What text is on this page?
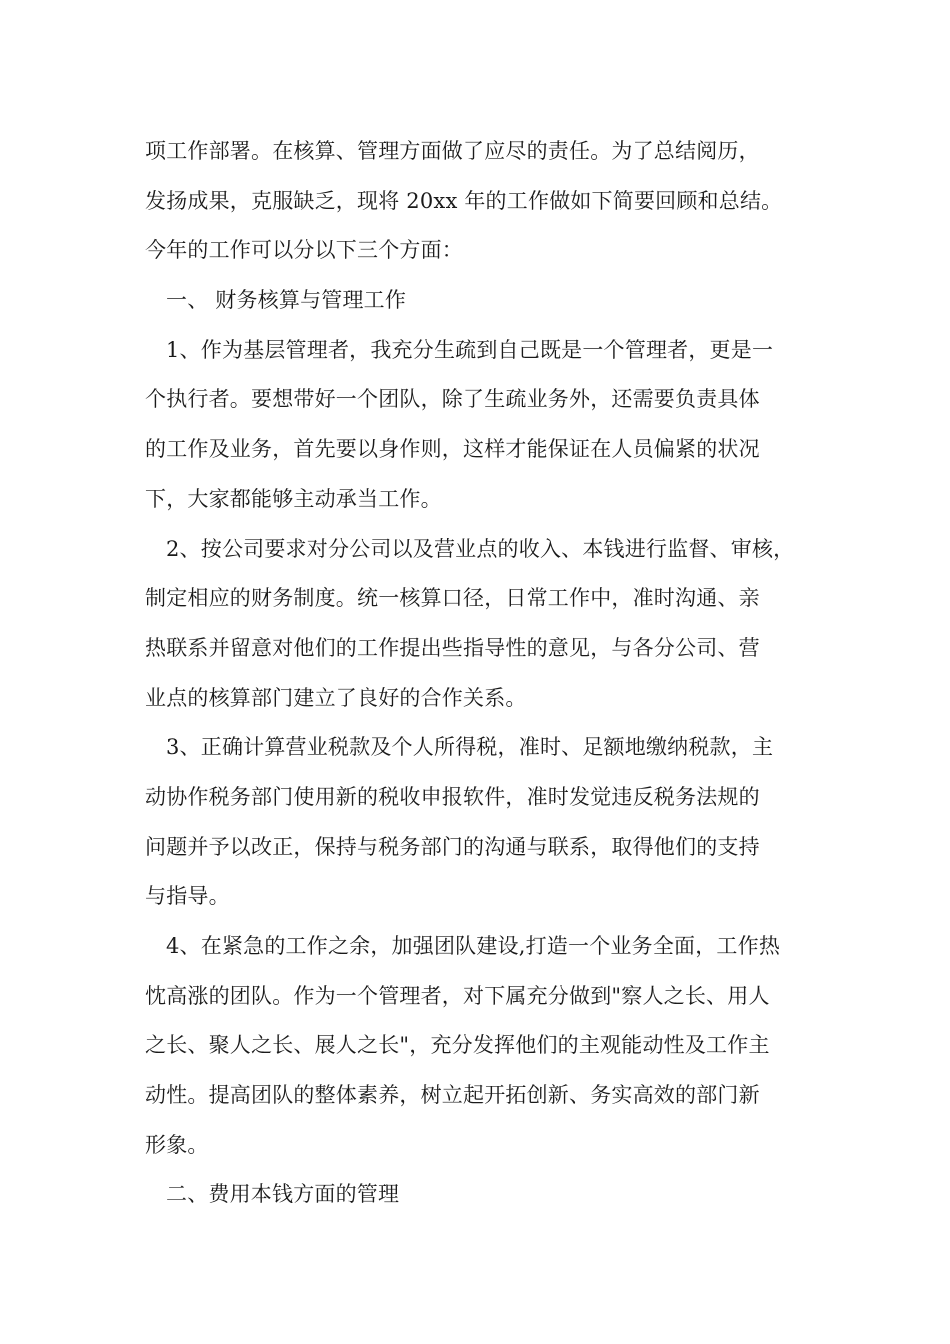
项工作部署。在核算、管理方面做了应尽的责任。为了总结阅历，
发扬成果，克服缺乏，现将 20xx 年的工作做如下简要回顾和总结。
今年的工作可以分以下三个方面：
一、 财务核算与管理工作
1、作为基层管理者，我充分生疏到自己既是一个管理者，更是一
个执行者。要想带好一个团队，除了生疏业务外，还需要负责具体
的工作及业务，首先要以身作则，这样才能保证在人员偏紧的状况
下，大家都能够主动承当工作。
2、按公司要求对分公司以及营业点的收入、本钱进行监督、审核，
制定相应的财务制度。统一核算口径，日常工作中，准时沟通、亲
热联系并留意对他们的工作提出些指导性的意见，与各分公司、营
业点的核算部门建立了良好的合作关系。
3、正确计算营业税款及个人所得税，准时、足额地缴纳税款，主
动协作税务部门使用新的税收申报软件，准时发觉违反税务法规的
问题并予以改正，保持与税务部门的沟通与联系，取得他们的支持
与指导。
4、在紧急的工作之余，加强团队建设,打造一个业务全面，工作热
忱高涨的团队。作为一个管理者，对下属充分做到"察人之长、用人
之长、聚人之长、展人之长"，充分发挥他们的主观能动性及工作主
动性。提高团队的整体素养，树立起开拓创新、务实高效的部门新
形象。
二、费用本钱方面的管理
